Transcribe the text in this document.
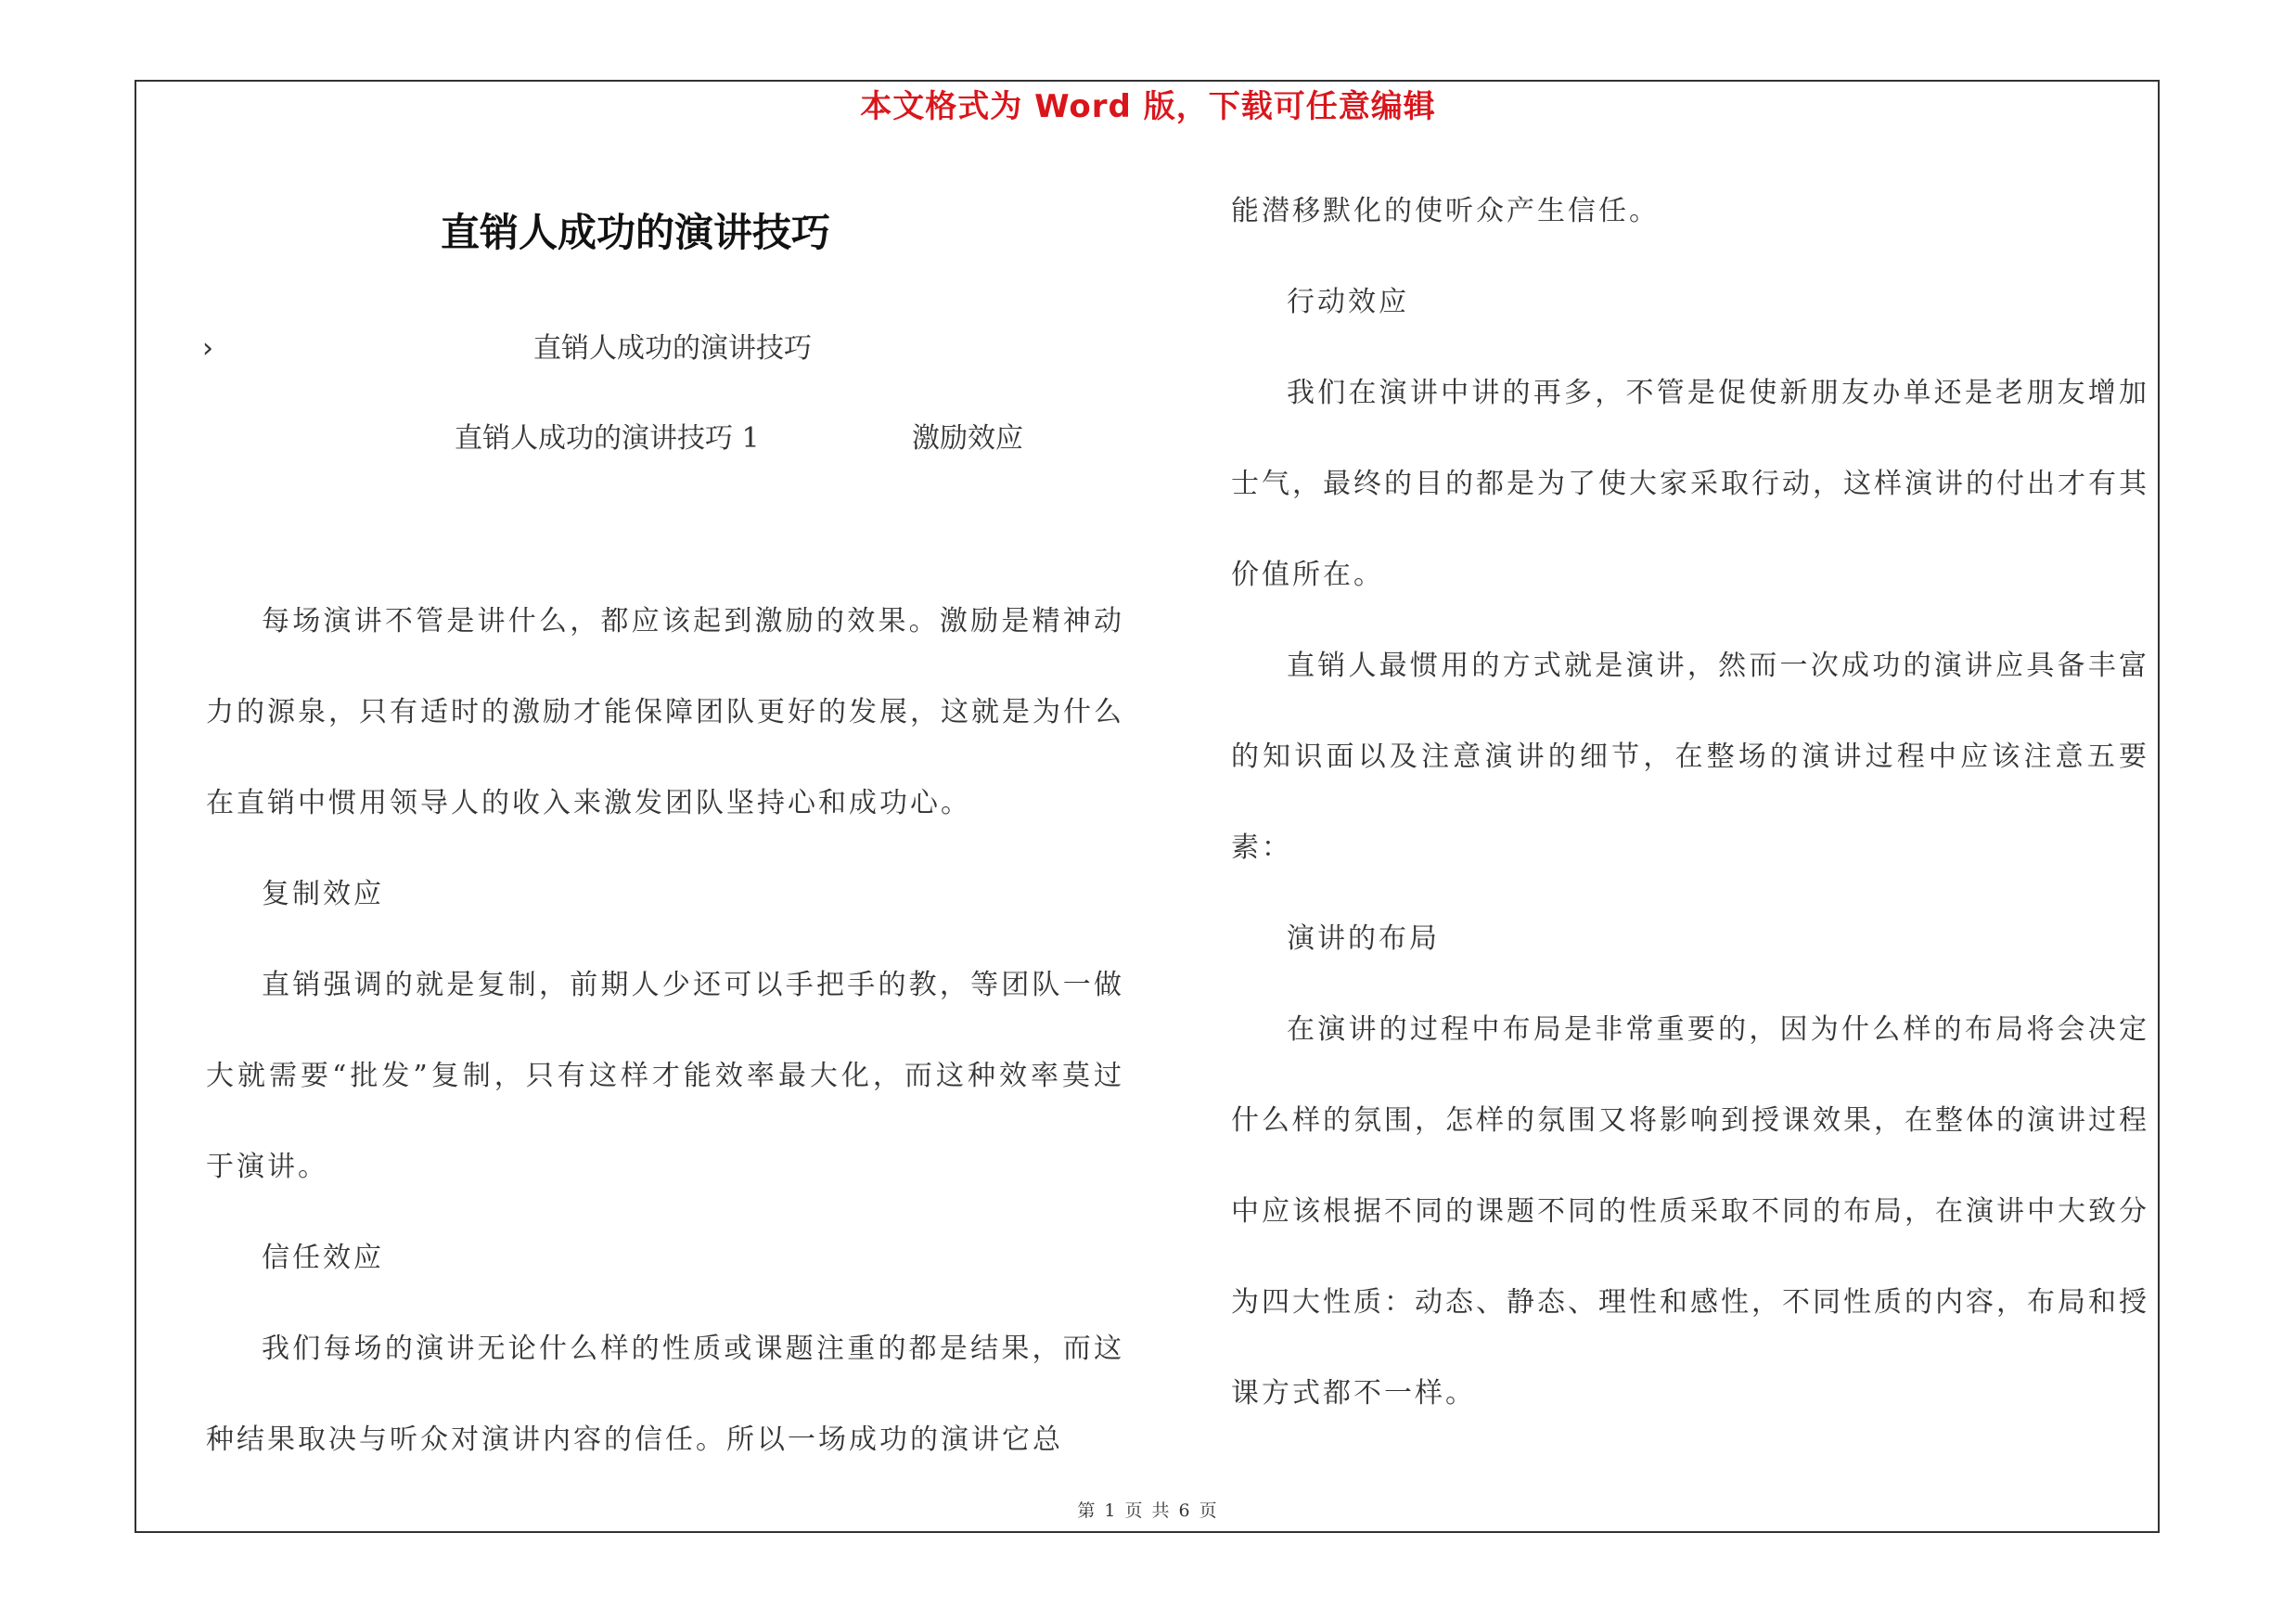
本文格式为 Word 版，下载可任意编辑
直销人成功的演讲技巧
›	直销人成功的演讲技巧
直销人成功的演讲技巧 1	激励效应

每场演讲不管是讲什么，都应该起到激励的效果。激励是精神动力的源泉，只有适时的激励才能保障团队更好的发展，这就是为什么在直销中惯用领导人的收入来激发团队坚持心和成功心。

复制效应

直销强调的就是复制，前期人少还可以手把手的教，等团队一做大就需要“批发”复制，只有这样才能效率最大化，而这种效率莫过于演讲。

信任效应

我们每场的演讲无论什么样的性质或课题注重的都是结果，而这种结果取决与听众对演讲内容的信任。所以一场成功的演讲它总

能潜移默化的使听众产生信任。

行动效应

我们在演讲中讲的再多，不管是促使新朋友办单还是老朋友增加士气，最终的目的都是为了使大家采取行动，这样演讲的付出才有其价值所在。

直销人最惯用的方式就是演讲，然而一次成功的演讲应具备丰富的知识面以及注意演讲的细节，在整场的演讲过程中应该注意五要素：

演讲的布局

在演讲的过程中布局是非常重要的，因为什么样的布局将会决定什么样的氛围，怎样的氛围又将影响到授课效果，在整体的演讲过程中应该根据不同的课题不同的性质采取不同的布局，在演讲中大致分为四大性质：动态、静态、理性和感性，不同性质的内容，布局和授课方式都不一样。

第 1 页 共 6 页
